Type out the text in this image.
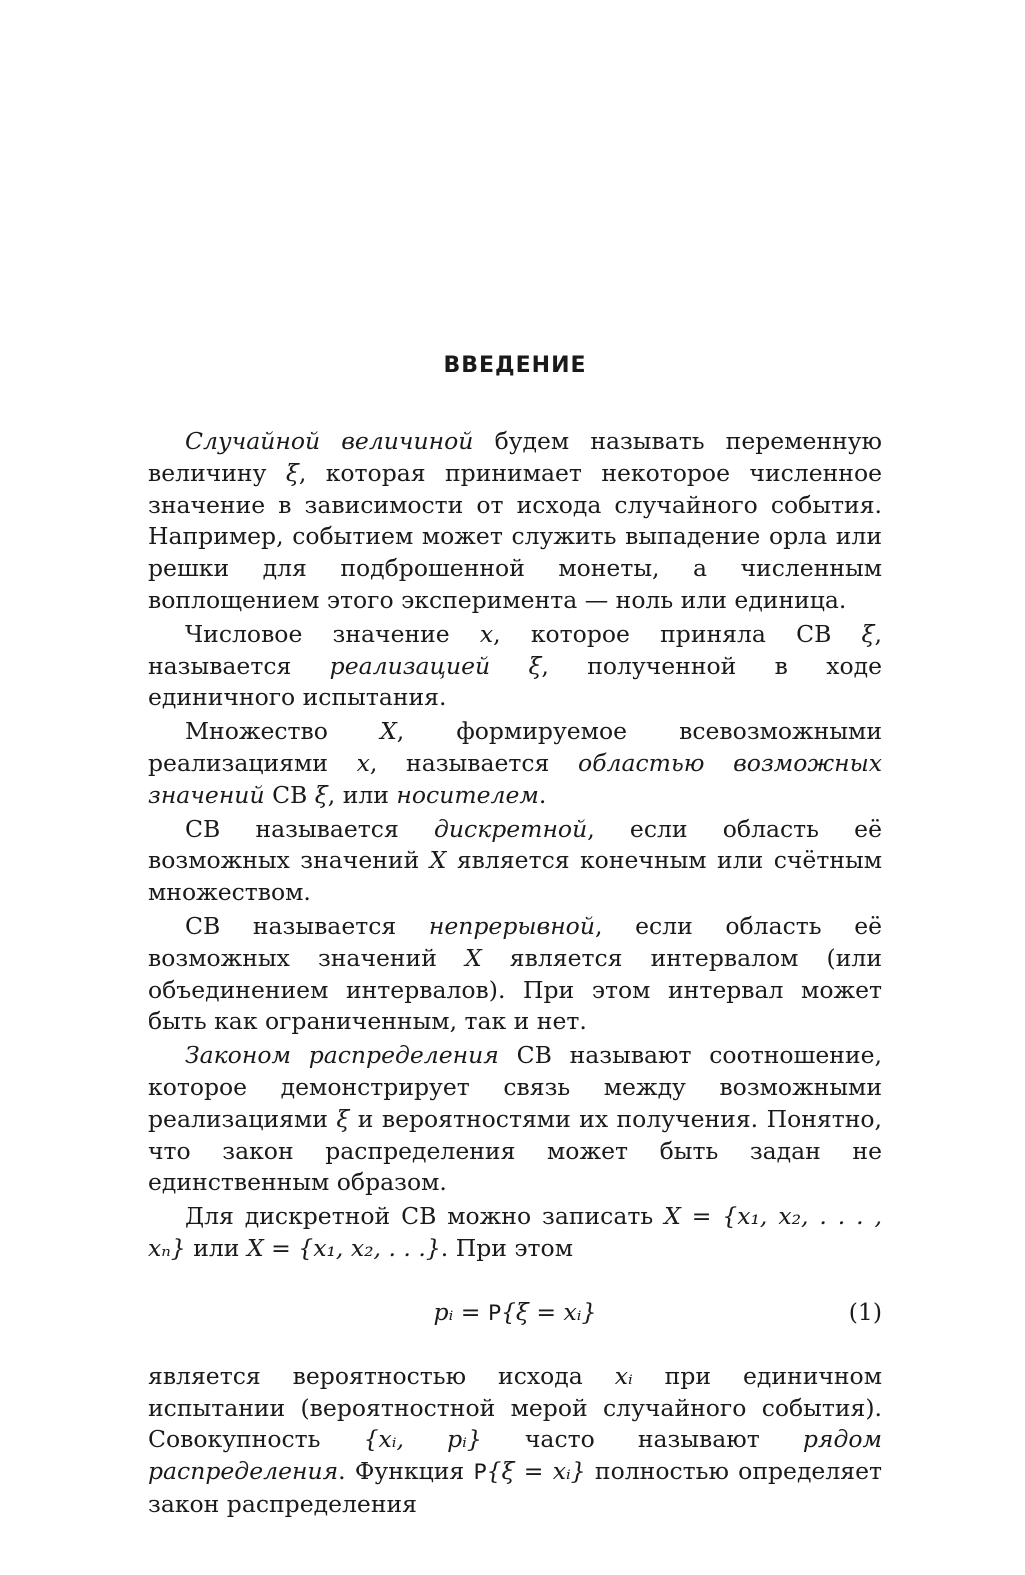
ВВЕДЕНИЕ

Случайной величиной будем называть переменную величину ξ, которая принимает некоторое численное значение в зависимости от исхода случайного события. Например, событием может служить выпадение орла или решки для подброшенной монеты, а численным воплощением этого эксперимента — ноль или единица.

Числовое значение x, которое приняла СВ ξ, называется реализацией ξ, полученной в ходе единичного испытания.

Множество X, формируемое всевозможными реализациями x, называется областью возможных значений СВ ξ, или носителем.

СВ называется дискретной, если область её возможных значений X является конечным или счётным множеством.

СВ называется непрерывной, если область её возможных значений X является интервалом (или объединением интервалов). При этом интервал может быть как ограниченным, так и нет.

Законом распределения СВ называют соотношение, которое демонстрирует связь между возможными реализациями ξ и вероятностями их получения. Понятно, что закон распределения может быть задан не единственным образом.

Для дискретной СВ можно записать X = {x₁, x₂, . . . , xₙ} или X = {x₁, x₂, . . .}. При этом

pᵢ = P{ξ = xᵢ}	(1)

является вероятностью исхода xᵢ при единичном испытании (вероятностной мерой случайного события). Совокупность {xᵢ, pᵢ} часто называют рядом распределения. Функция P{ξ = xᵢ} полностью определяет закон распределения
